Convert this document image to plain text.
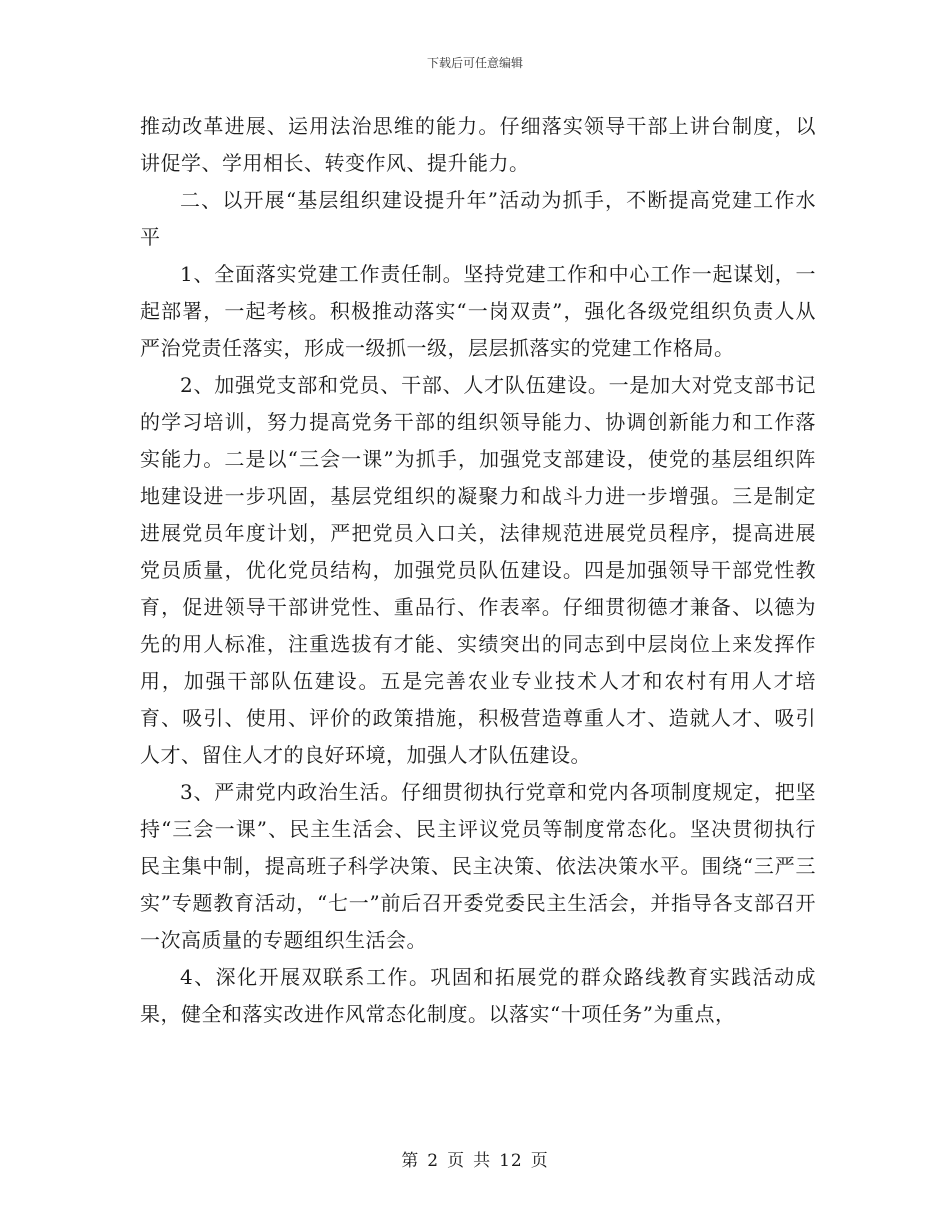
下载后可任意编辑

推动改革进展、运用法治思维的能力。仔细落实领导干部上讲台制度，以讲促学、学用相长、转变作风、提升能力。

二、以开展“基层组织建设提升年”活动为抓手，不断提高党建工作水平

1、全面落实党建工作责任制。坚持党建工作和中心工作一起谋划，一起部署，一起考核。积极推动落实“一岗双责”，强化各级党组织负责人从严治党责任落实，形成一级抓一级，层层抓落实的党建工作格局。

2、加强党支部和党员、干部、人才队伍建设。一是加大对党支部书记的学习培训，努力提高党务干部的组织领导能力、协调创新能力和工作落实能力。二是以“三会一课”为抓手，加强党支部建设，使党的基层组织阵地建设进一步巩固，基层党组织的凝聚力和战斗力进一步增强。三是制定进展党员年度计划，严把党员入口关，法律规范进展党员程序，提高进展党员质量，优化党员结构，加强党员队伍建设。四是加强领导干部党性教育，促进领导干部讲党性、重品行、作表率。仔细贯彻德才兼备、以德为先的用人标准，注重选拔有才能、实绩突出的同志到中层岗位上来发挥作用，加强干部队伍建设。五是完善农业专业技术人才和农村有用人才培育、吸引、使用、评价的政策措施，积极营造尊重人才、造就人才、吸引人才、留住人才的良好环境，加强人才队伍建设。

3、严肃党内政治生活。仔细贯彻执行党章和党内各项制度规定，把坚持“三会一课”、民主生活会、民主评议党员等制度常态化。坚决贯彻执行民主集中制，提高班子科学决策、民主决策、依法决策水平。围绕“三严三实”专题教育活动，“七一”前后召开委党委民主生活会，并指导各支部召开一次高质量的专题组织生活会。

4、深化开展双联系工作。巩固和拓展党的群众路线教育实践活动成果，健全和落实改进作风常态化制度。以落实“十项任务”为重点，

第 2 页 共 12 页
